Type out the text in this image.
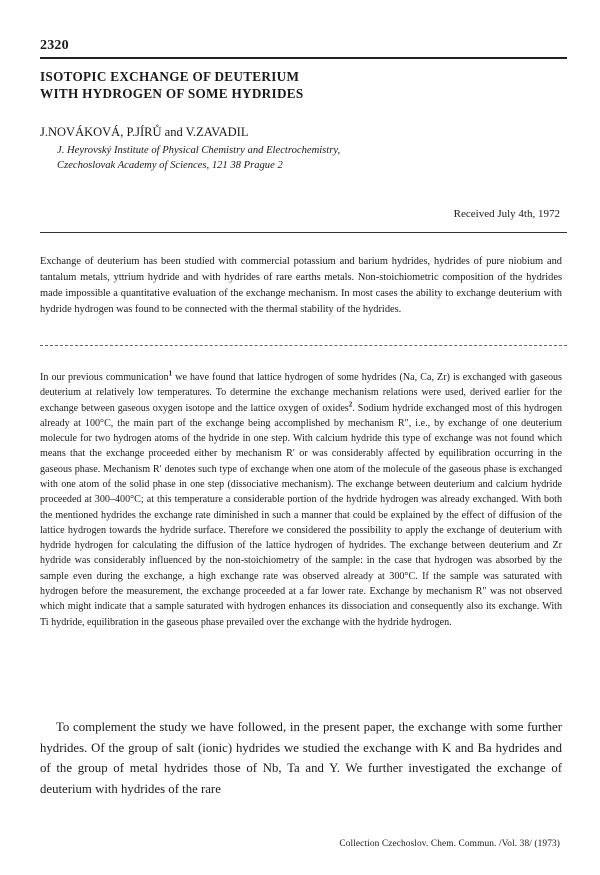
2320
ISOTOPIC EXCHANGE OF DEUTERIUM
WITH HYDROGEN OF SOME HYDRIDES
J.NOVÁKOVÁ, P.JÍRŮ and V.ZAVADIL
J. Heyrovský Institute of Physical Chemistry and Electrochemistry,
Czechoslovak Academy of Sciences, 121 38 Prague 2
Received July 4th, 1972
Exchange of deuterium has been studied with commercial potassium and barium hydrides, hydrides of pure niobium and tantalum metals, yttrium hydride and with hydrides of rare earths metals. Non-stoichiometric composition of the hydrides made impossible a quantitative evaluation of the exchange mechanism. In most cases the ability to exchange deuterium with hydride hydrogen was found to be connected with the thermal stability of the hydrides.
In our previous communication$^1$ we have found that lattice hydrogen of some hydrides (Na, Ca, Zr) is exchanged with gaseous deuterium at relatively low temperatures. To determine the exchange mechanism relations were used, derived earlier for the exchange between gaseous oxygen isotope and the lattice oxygen of oxides$^2$. Sodium hydride exchanged most of this hydrogen already at 100°C, the main part of the exchange being accomplished by mechanism R″, i.e., by exchange of one deuterium molecule for two hydrogen atoms of the hydride in one step. With calcium hydride this type of exchange was not found which means that the exchange proceeded either by mechanism R′ or was considerably affected by equilibration occurring in the gaseous phase. Mechanism R′ denotes such type of exchange when one atom of the molecule of the gaseous phase is exchanged with one atom of the solid phase in one step (dissociative mechanism). The exchange between deuterium and calcium hydride proceeded at 300–400°C; at this temperature a considerable portion of the hydride hydrogen was already exchanged. With both the mentioned hydrides the exchange rate diminished in such a manner that could be explained by the effect of diffusion of the lattice hydrogen towards the hydride surface. Therefore we considered the possibility to apply the exchange of deuterium with hydride hydrogen for calculating the diffusion of the lattice hydrogen of hydrides. The exchange between deuterium and Zr hydride was considerably influenced by the non-stoichiometry of the sample: in the case that hydrogen was absorbed by the sample even during the exchange, a high exchange rate was observed already at 300°C. If the sample was saturated with hydrogen before the measurement, the exchange proceeded at a far lower rate. Exchange by mechanism R″ was not observed which might indicate that a sample saturated with hydrogen enhances its dissociation and consequently also its exchange. With Ti hydride, equilibration in the gaseous phase prevailed over the exchange with the hydride hydrogen.
To complement the study we have followed, in the present paper, the exchange with some further hydrides. Of the group of salt (ionic) hydrides we studied the exchange with K and Ba hydrides and of the group of metal hydrides those of Nb, Ta and Y. We further investigated the exchange of deuterium with hydrides of the rare
Collection Czechoslov. Chem. Commun. /Vol. 38/ (1973)
